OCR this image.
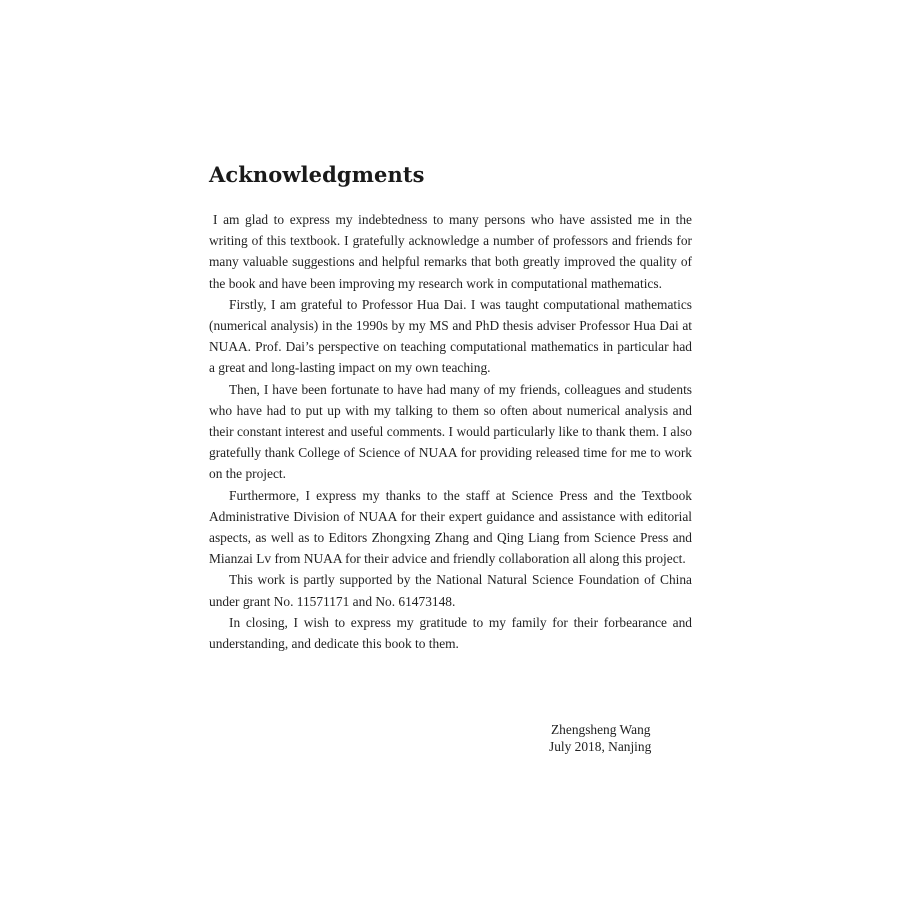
Acknowledgments

I am glad to express my indebtedness to many persons who have assisted me in the writing of this textbook. I gratefully acknowledge a number of professors and friends for many valuable suggestions and helpful remarks that both greatly improved the quality of the book and have been improving my research work in computational mathematics.

Firstly, I am grateful to Professor Hua Dai. I was taught computational mathematics (numerical analysis) in the 1990s by my MS and PhD thesis adviser Professor Hua Dai at NUAA. Prof. Dai’s perspective on teaching computational mathematics in particular had a great and long-lasting impact on my own teaching.

Then, I have been fortunate to have had many of my friends, colleagues and students who have had to put up with my talking to them so often about numerical analysis and their constant interest and useful comments. I would particularly like to thank them. I also gratefully thank College of Science of NUAA for providing released time for me to work on the project.

Furthermore, I express my thanks to the staff at Science Press and the Textbook Administrative Division of NUAA for their expert guidance and assistance with editorial aspects, as well as to Editors Zhongxing Zhang and Qing Liang from Science Press and Mianzai Lv from NUAA for their advice and friendly collaboration all along this project.

This work is partly supported by the National Natural Science Foundation of China under grant No. 11571171 and No. 61473148.

In closing, I wish to express my gratitude to my family for their forbearance and understanding, and dedicate this book to them.

Zhengsheng Wang
July 2018, Nanjing
